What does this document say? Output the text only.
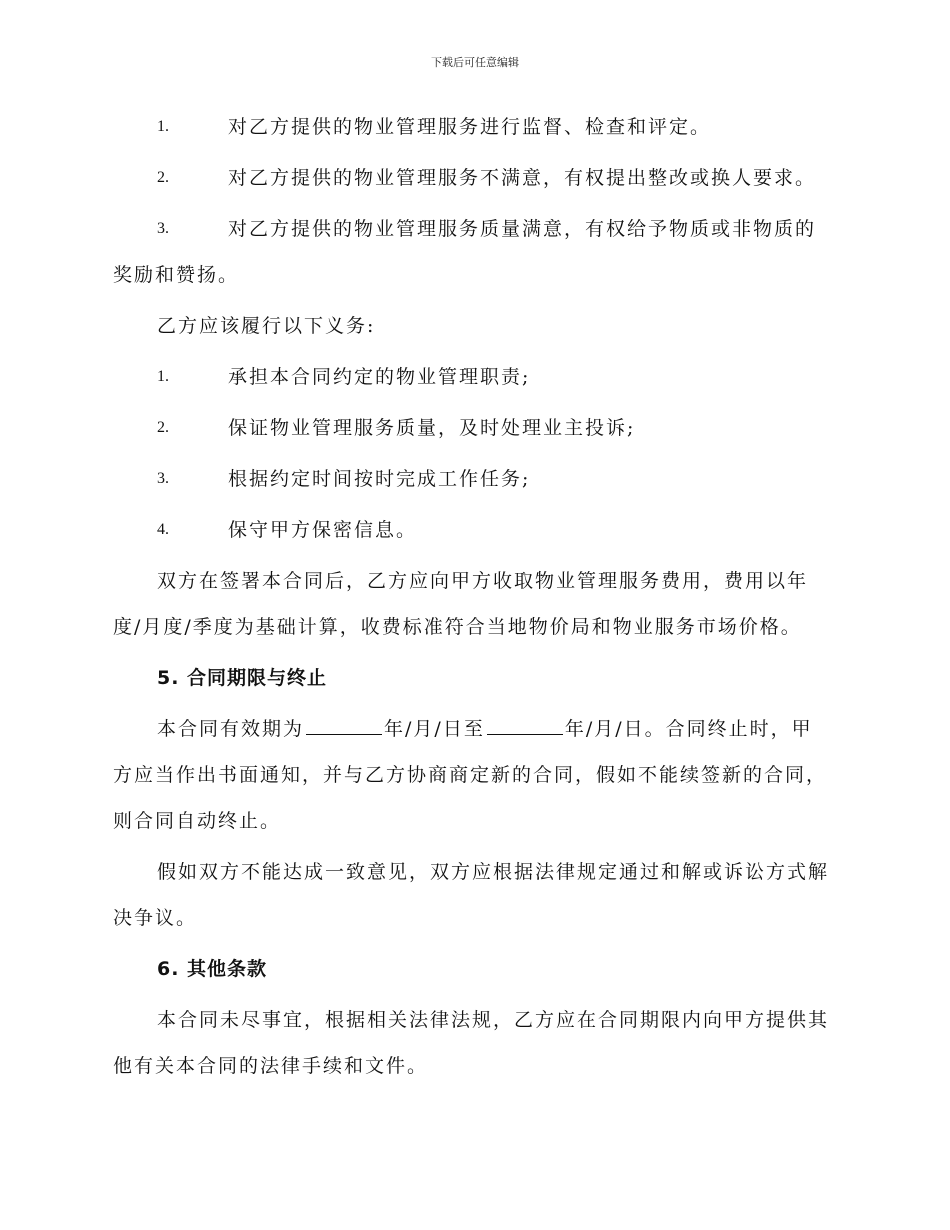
下载后可任意编辑
1.	对乙方提供的物业管理服务进行监督、检查和评定。
2.	对乙方提供的物业管理服务不满意，有权提出整改或换人要求。
3.	对乙方提供的物业管理服务质量满意，有权给予物质或非物质的奖励和赞扬。

乙方应该履行以下义务:

1.	承担本合同约定的物业管理职责;
2.	保证物业管理服务质量，及时处理业主投诉;
3.	根据约定时间按时完成工作任务;
4.	保守甲方保密信息。

双方在签署本合同后，乙方应向甲方收取物业管理服务费用，费用以年度/月度/季度为基础计算，收费标准符合当地物价局和物业服务市场价格。

5. 合同期限与终止

本合同有效期为	年/月/日至	年/月/日。合同终止时，甲方应当作出书面通知，并与乙方协商商定新的合同，假如不能续签新的合同，则合同自动终止。

假如双方不能达成一致意见，双方应根据法律规定通过和解或诉讼方式解决争议。

6. 其他条款

本合同未尽事宜，根据相关法律法规，乙方应在合同期限内向甲方提供其他有关本合同的法律手续和文件。
